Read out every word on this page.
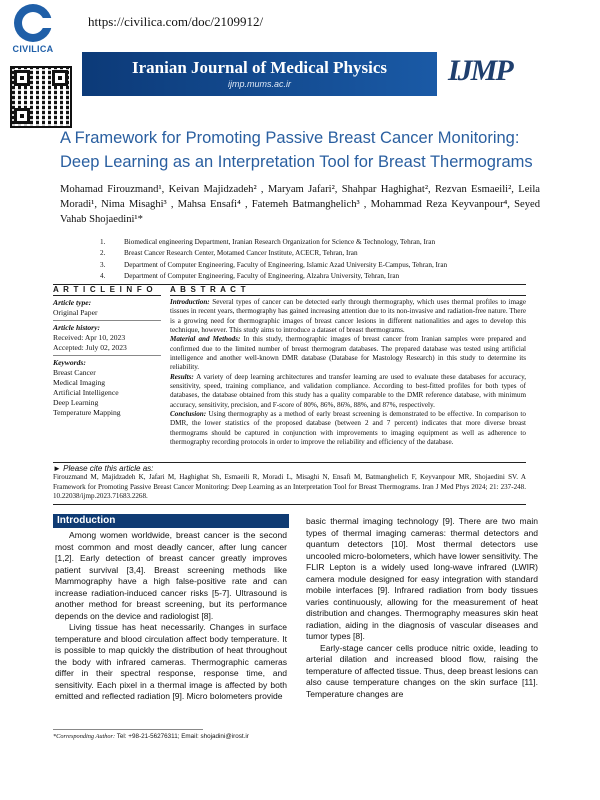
CIVILICA
https://civilica.com/doc/2109912/
Iranian Journal of Medical Physics
ijmp.mums.ac.ir	IJMP
A Framework for Promoting Passive Breast Cancer Monitoring:
Deep Learning as an Interpretation Tool for Breast Thermograms
Mohamad Firouzmand¹, Keivan Majidzadeh² , Maryam Jafari², Shahpar Haghighat², Rezvan Esmaeili², Leila Moradi¹, Nima Misaghi³ , Mahsa Ensafi⁴ , Fatemeh Batmanghelich³ , Mohammad Reza Keyvanpour⁴, Seyed Vahab Shojaedini¹*
1.	Biomedical engineering Department, Iranian Research Organization for Science & Technology, Tehran, Iran
2.	Breast Cancer Research Center, Motamed Cancer Institute, ACECR, Tehran, Iran
3.	Department of Computer Engineering, Faculty of Engineering, Islamic Azad University E-Campus, Tehran, Iran
4.	Department of Computer Engineering, Faculty of Engineering, Alzahra University, Tehran, Iran
A R T I C L E I N F O A B S T R A C T
Article type:
Original Paper
Article history:
Received: Apr 10, 2023
Accepted: July 02, 2023
Keywords:
Breast Cancer
Medical Imaging
Artificial Intelligence
Deep Learning
Temperature Mapping

Introduction: Several types of cancer can be detected early through thermography, which uses thermal profiles to image tissues in recent years, thermography has gained increasing attention due to its non-invasive and radiation-free nature. There is a growing need for thermographic images of breast cancer lesions in different nationalities and ages to develop this technique, however. This study aims to introduce a dataset of breast thermograms.

Material and Methods: In this study, thermographic images of breast cancer from Iranian samples were prepared and confirmed due to the limited number of breast thermogram databases. The prepared database was tested using artificial intelligence and another well-known DMR database (Database for Mastology Research) in this study to determine its reliability.

Results: A variety of deep learning architectures and transfer learning are used to evaluate these databases for accuracy, sensitivity, speed, training compliance, and validation compliance. According to best-fitted profiles for both types of databases, the database obtained from this study has a quality comparable to the DMR reference database, with minimum accuracy, sensitivity, precision, and F-score of 80%, 86%, 86%, 88%, and 87%, respectively.

Conclusion: Using thermography as a method of early breast screening is demonstrated to be effective. In comparison to DMR, the lower statistics of the proposed database (between 2 and 7 percent) indicates that more diverse breast thermograms should be captured in conjunction with improvements to imaging equipment as well as adherence to thermography recording protocols in order to improve the reliability and efficiency of the database.

► Please cite this article as:
Firouzmand M, Majidzadeh K, Jafari M, Haghighat Sh, Esmaeili R, Moradi L, Misaghi N, Ensafi M, Batmanghelich F, Keyvanpour MR, Shojaedini SV. A Framework for Promoting Passive Breast Cancer Monitoring: Deep Learning as an Interpretation Tool for Breast Thermograms. Iran J Med Phys 2024; 21: 237-248. 10.22038/ijmp.2023.71683.2268.
Introduction

Among women worldwide, breast cancer is the second most common and most deadly cancer, after lung cancer [1,2]. Early detection of breast cancer greatly improves patient survival [3,4]. Breast screening methods like Mammography have a high false-positive rate and can increase radiation-induced cancer risks [5-7]. Ultrasound is another method for breast screening, but its performance depends on the device and radiologist [8].

Living tissue has heat necessarily. Changes in surface temperature and blood circulation affect body temperature. It is possible to map quickly the distribution of heat throughout the body with infrared cameras. Thermographic cameras differ in their spectral response, response time, and sensitivity. Each pixel in a thermal image is affected by both emitted and reflected radiation [9]. Micro bolometers provide

basic thermal imaging technology [9]. There are two main types of thermal imaging cameras: thermal detectors and quantum detectors [10]. Most thermal detectors use uncooled micro-bolometers, which have lower sensitivity. The FLIR Lepton is a widely used long-wave infrared (LWIR) camera module designed for easy integration with standard mobile interfaces [9]. Infrared radiation from body tissues varies continuously, allowing for the measurement of heat distribution and changes. Thermography measures skin heat radiation, aiding in the diagnosis of vascular diseases and tumor types [8].

Early-stage cancer cells produce nitric oxide, leading to arterial dilation and increased blood flow, raising the temperature of affected tissue. Thus, deep breast lesions can also cause temperature changes on the skin surface [11]. Temperature changes are

*Corresponding Author: Tel: +98-21-56276311; Email: shojadini@irost.ir
